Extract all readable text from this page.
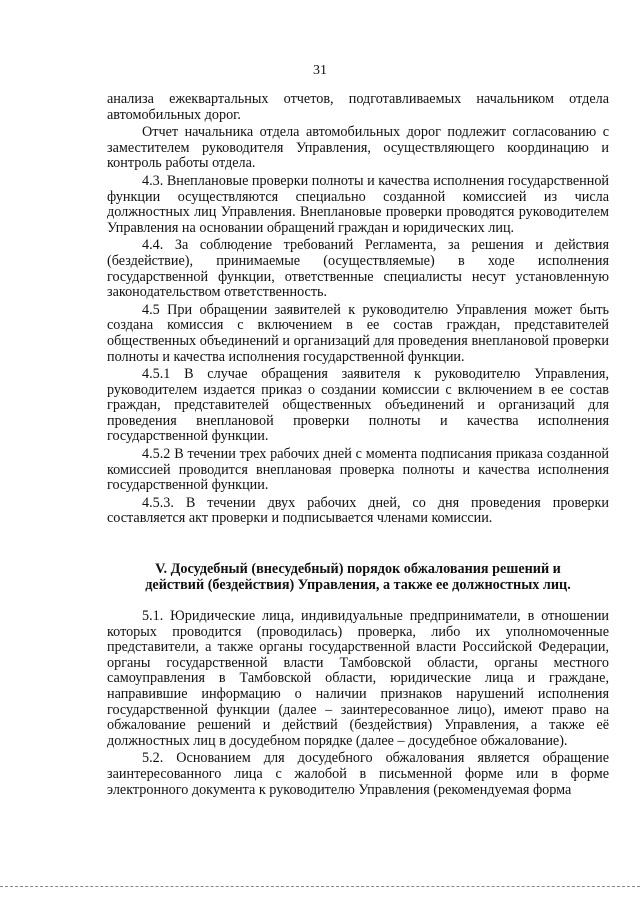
31

анализа ежеквартальных отчетов, подготавливаемых начальником отдела автомобильных дорог.

Отчет начальника отдела автомобильных дорог подлежит согласованию с заместителем руководителя Управления, осуществляющего координацию и контроль работы отдела.

4.3. Внеплановые проверки полноты и качества исполнения государственной функции осуществляются специально созданной комиссией из числа должностных лиц Управления. Внеплановые проверки проводятся руководителем Управления на основании обращений граждан и юридических лиц.

4.4. За соблюдение требований Регламента, за решения и действия (бездействие), принимаемые (осуществляемые) в ходе исполнения государственной функции, ответственные специалисты несут установленную законодательством ответственность.

4.5 При обращении заявителей к руководителю Управления может быть создана комиссия с включением в ее состав граждан, представителей общественных объединений и организаций для проведения внеплановой проверки полноты и качества исполнения государственной функции.

4.5.1 В случае обращения заявителя к руководителю Управления, руководителем издается приказ о создании комиссии с включением в ее состав граждан, представителей общественных объединений и организаций для проведения внеплановой проверки полноты и качества исполнения государственной функции.

4.5.2 В течении трех рабочих дней с момента подписания приказа созданной комиссией проводится внеплановая проверка полноты и качества исполнения государственной функции.

4.5.3. В течении двух рабочих дней, со дня проведения проверки составляется акт проверки и подписывается членами комиссии.

V. Досудебный (внесудебный) порядок обжалования решений и
действий (бездействия) Управления, а также ее должностных лиц.

5.1. Юридические лица, индивидуальные предприниматели, в отношении которых проводится (проводилась) проверка, либо их уполномоченные представители, а также органы государственной власти Российской Федерации, органы государственной власти Тамбовской области, органы местного самоуправления в Тамбовской области, юридические лица и граждане, направившие информацию о наличии признаков нарушений исполнения государственной функции (далее – заинтересованное лицо), имеют право на обжалование решений и действий (бездействия) Управления, а также её должностных лиц в досудебном порядке (далее – досудебное обжалование).

5.2. Основанием для досудебного обжалования является обращение заинтересованного лица с жалобой в письменной форме или в форме электронного документа к руководителю Управления (рекомендуемая форма
